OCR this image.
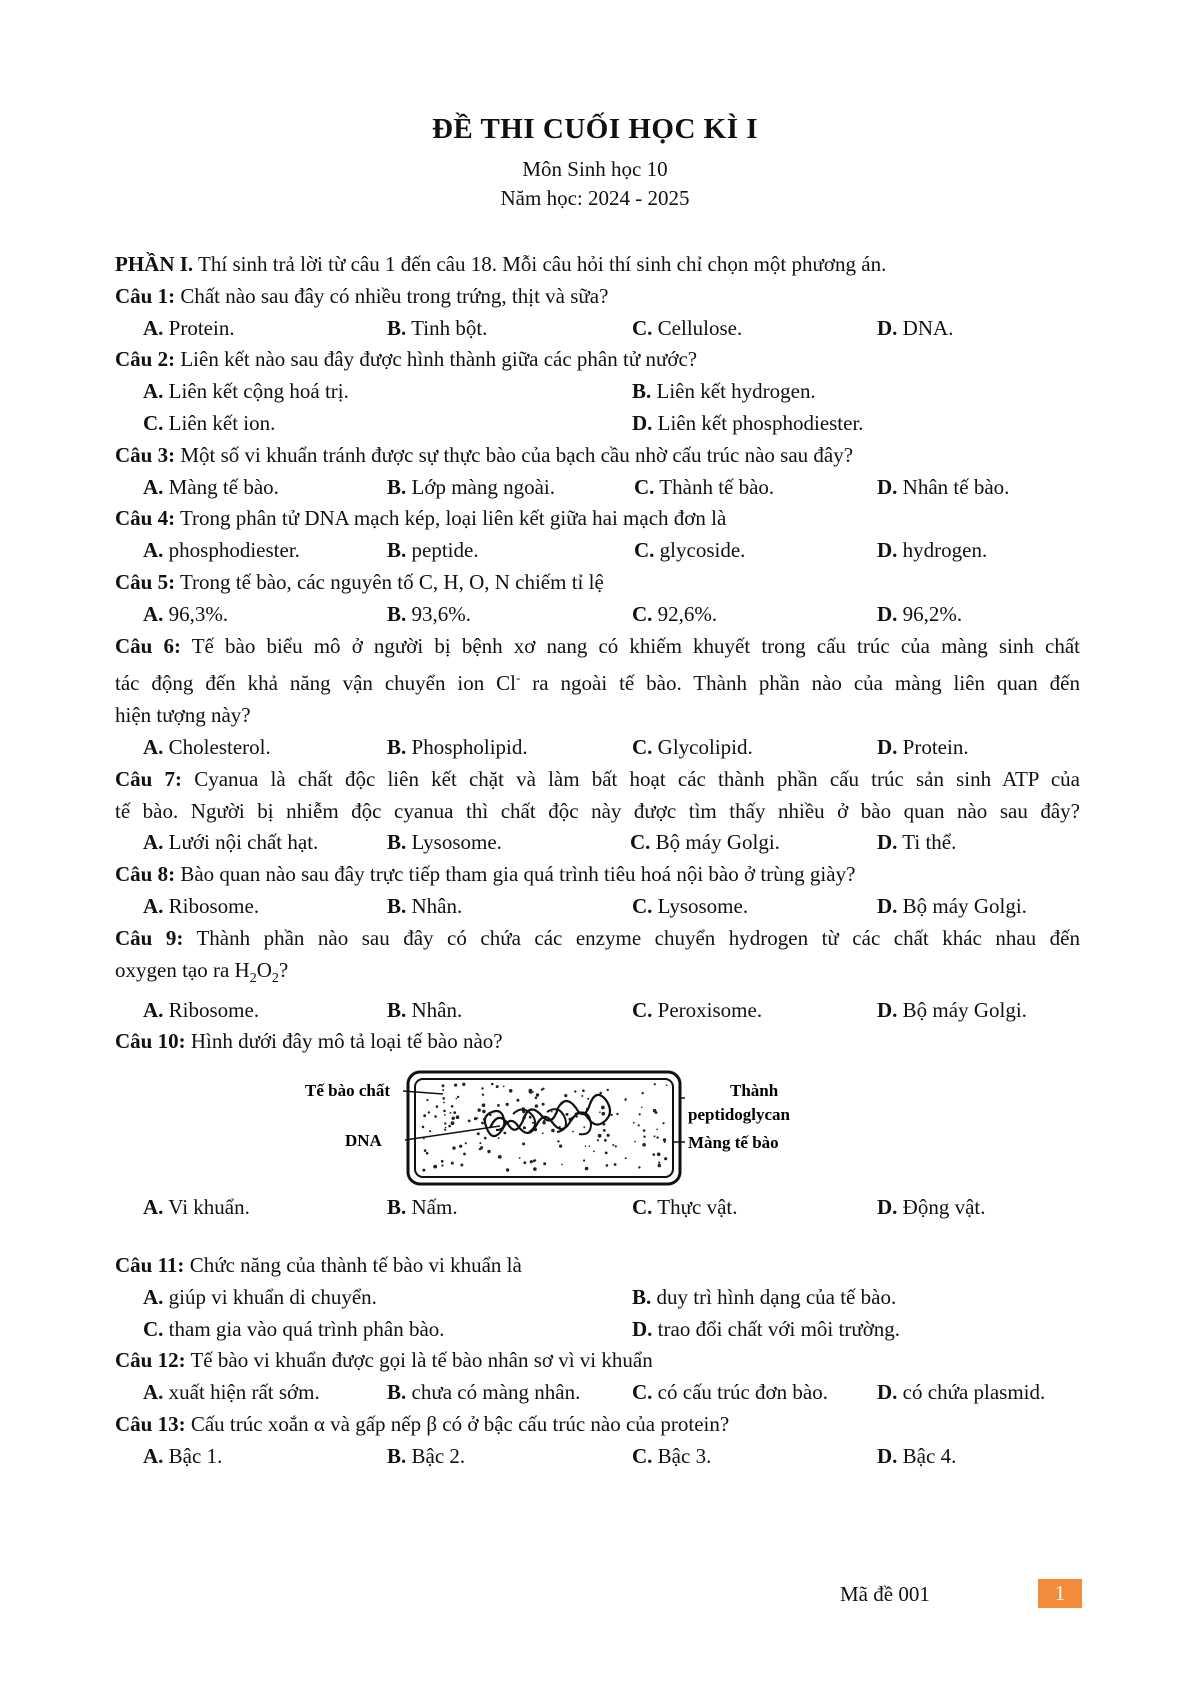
ĐỀ THI CUỐI HỌC KÌ I
Môn Sinh học 10
Năm học: 2024 - 2025
PHẦN I. Thí sinh trả lời từ câu 1 đến câu 18. Mỗi câu hỏi thí sinh chỉ chọn một phương án.
Câu 1: Chất nào sau đây có nhiều trong trứng, thịt và sữa?
A. Protein.	B. Tinh bột.	C. Cellulose.	D. DNA.
Câu 2: Liên kết nào sau đây được hình thành giữa các phân tử nước?
A. Liên kết cộng hoá trị.	B. Liên kết hydrogen.
C. Liên kết ion.	D. Liên kết phosphodiester.
Câu 3: Một số vi khuẩn tránh được sự thực bào của bạch cầu nhờ cấu trúc nào sau đây?
A. Màng tế bào.	B. Lớp màng ngoài.	C. Thành tế bào.	D. Nhân tế bào.
Câu 4: Trong phân tử DNA mạch kép, loại liên kết giữa hai mạch đơn là
A. phosphodiester.	B. peptide.	C. glycoside.	D. hydrogen.
Câu 5: Trong tế bào, các nguyên tố C, H, O, N chiếm tỉ lệ
A. 96,3%.	B. 93,6%.	C. 92,6%.	D. 96,2%.
Câu 6: Tế bào biểu mô ở người bị bệnh xơ nang có khiếm khuyết trong cấu trúc của màng sinh chất
tác động đến khả năng vận chuyển ion Cl- ra ngoài tế bào. Thành phần nào của màng liên quan đến
hiện tượng này?
A. Cholesterol.	B. Phospholipid.	C. Glycolipid.	D. Protein.
Câu 7: Cyanua là chất độc liên kết chặt và làm bất hoạt các thành phần cấu trúc sản sinh ATP của
tế bào. Người bị nhiễm độc cyanua thì chất độc này được tìm thấy nhiều ở bào quan nào sau đây?
A. Lưới nội chất hạt.	B. Lysosome.	C. Bộ máy Golgi.	D. Ti thể.
Câu 8: Bào quan nào sau đây trực tiếp tham gia quá trình tiêu hoá nội bào ở trùng giày?
A. Ribosome.	B. Nhân.	C. Lysosome.	D. Bộ máy Golgi.
Câu 9: Thành phần nào sau đây có chứa các enzyme chuyển hydrogen từ các chất khác nhau đến
oxygen tạo ra $H_2O_2$?
A. Ribosome.	B. Nhân.	C. Peroxisome.	D. Bộ máy Golgi.
Câu 10: Hình dưới đây mô tả loại tế bào nào?
Tế bào chất
DNA
Thành
peptidoglycan
Màng tế bào
A. Vi khuẩn.	B. Nấm.	C. Thực vật.	D. Động vật.
Câu 11: Chức năng của thành tế bào vi khuẩn là
A. giúp vi khuẩn di chuyển.	B. duy trì hình dạng của tế bào.
C. tham gia vào quá trình phân bào.	D. trao đổi chất với môi trường.
Câu 12: Tế bào vi khuẩn được gọi là tế bào nhân sơ vì vi khuẩn
A. xuất hiện rất sớm.	B. chưa có màng nhân. C. có cấu trúc đơn bào. D. có chứa plasmid.
Câu 13: Cấu trúc xoắn α và gấp nếp β có ở bậc cấu trúc nào của protein?
A. Bậc 1.	B. Bậc 2.	C. Bậc 3.	D. Bậc 4.
Mã đề 001	1
